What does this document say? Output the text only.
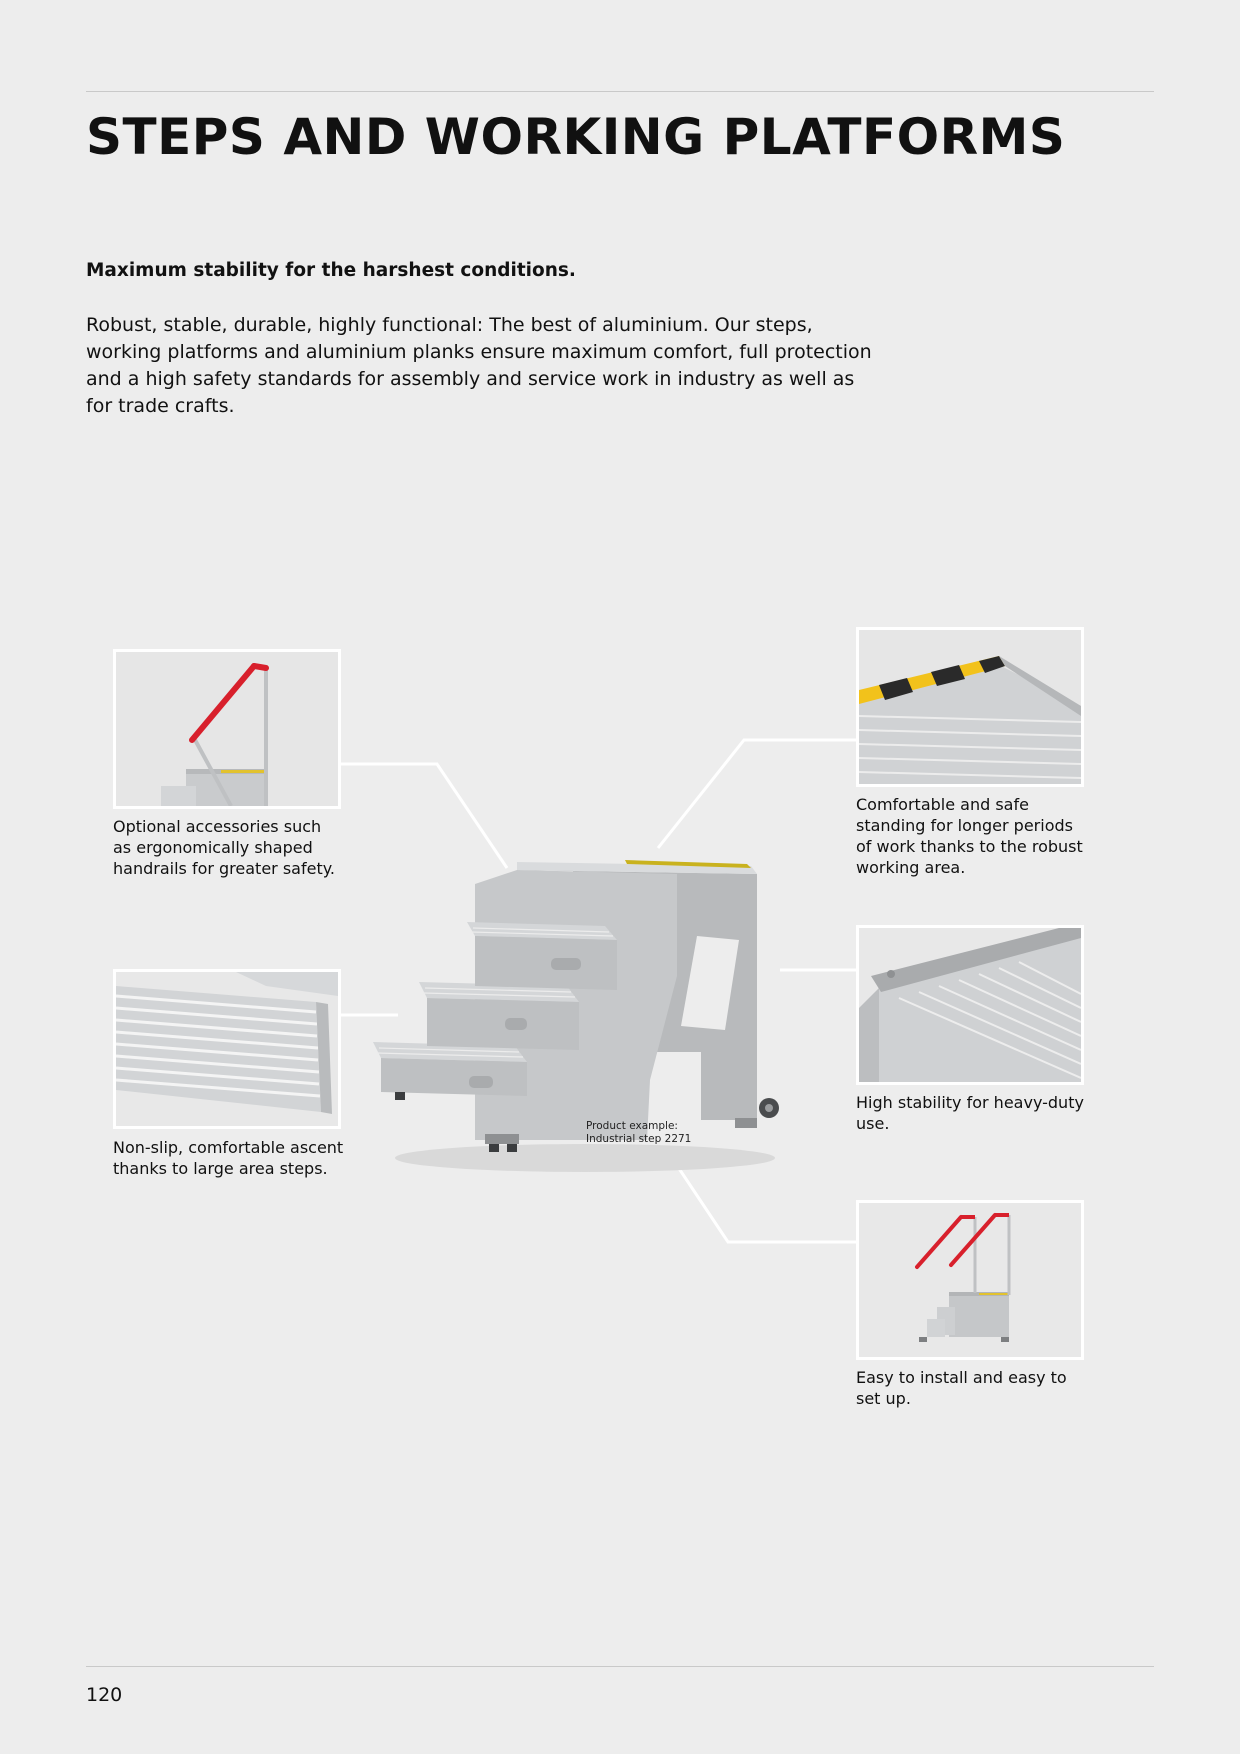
STEPS AND WORKING PLATFORMS

Maximum stability for the harshest conditions.

Robust, stable, durable, highly functional: The best of aluminium. Our steps, working platforms and aluminium planks ensure maximum comfort, full protection and a high safety standards for assembly and service work in industry as well as for trade crafts.

Optional accessories such as ergonomically shaped handrails for greater safety.

Non-slip, comfortable ascent thanks to large area steps.

Comfortable and safe standing for longer periods of work thanks to the robust working area.

High stability for heavy-duty use.

Easy to install and easy to set up.

Product example:
Industrial step 2271

120
